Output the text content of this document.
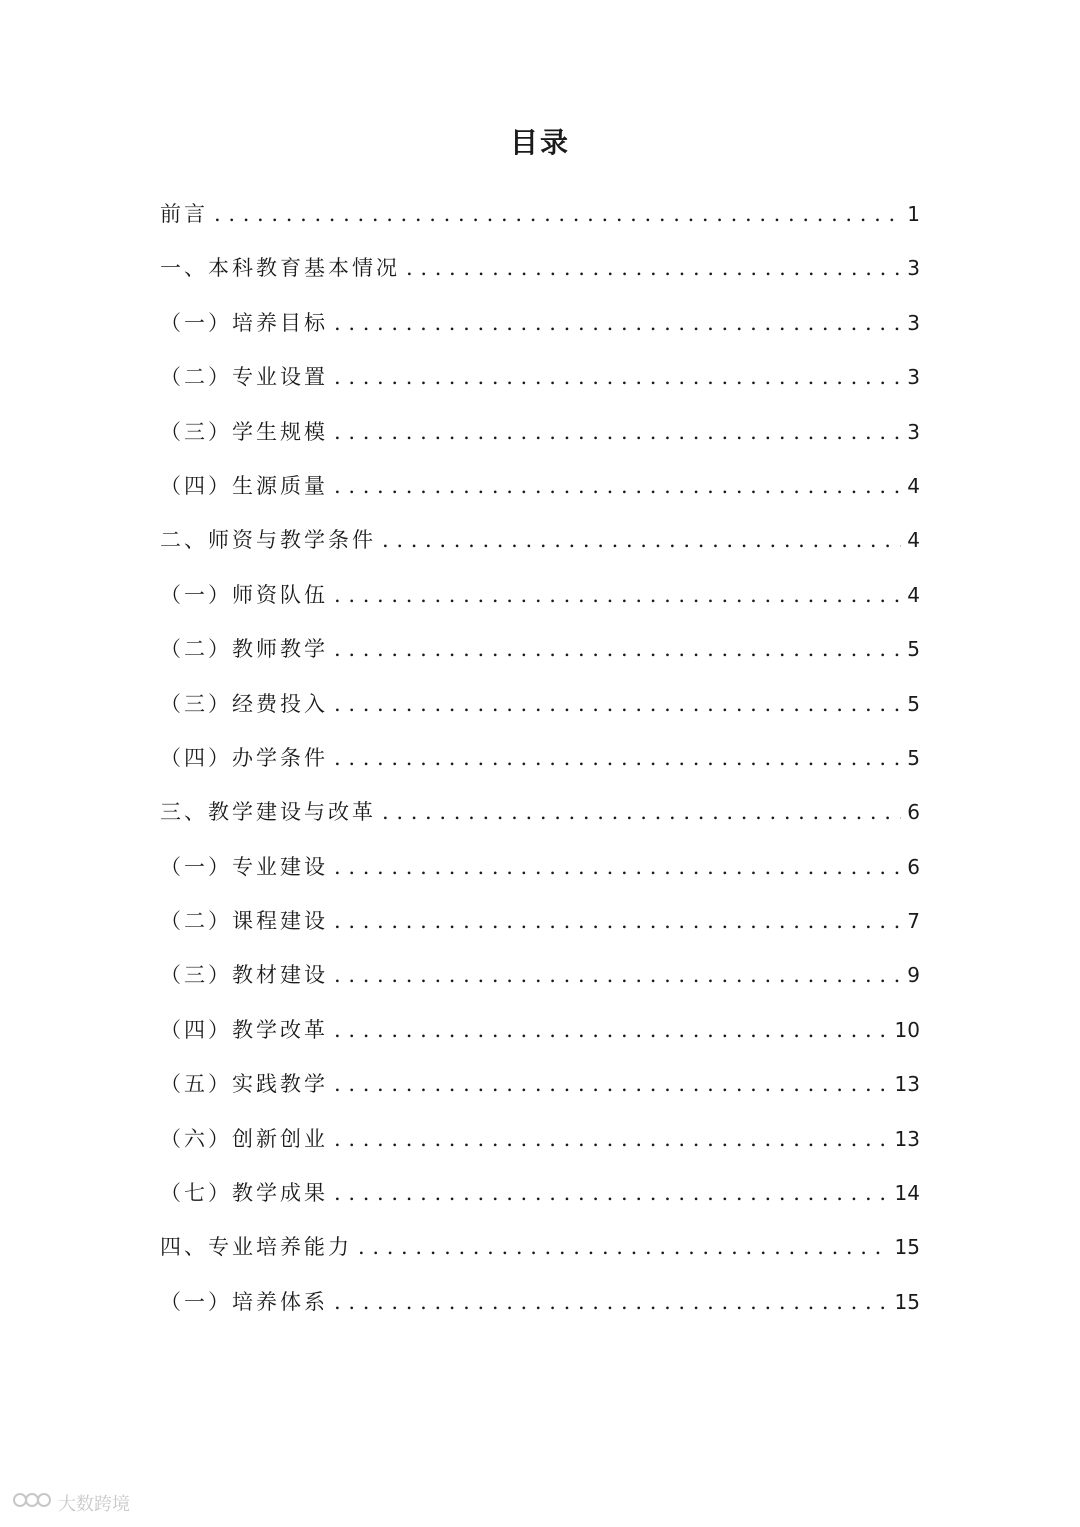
目录
前言 . . .	1
一、本科教育基本情况 . . .	3
（一）培养目标 . . .	3
（二）专业设置 . . .	3
（三）学生规模 . . .	3
（四）生源质量 . . .	4
二、师资与教学条件 . . .	4
（一）师资队伍 . . .	4
（二）教师教学 . . .	5
（三）经费投入 . . .	5
（四）办学条件 . . .	5
三、教学建设与改革 . . .	6
（一）专业建设 . . .	6
（二）课程建设 . . .	7
（三）教材建设 . . .	9
（四）教学改革 . . .	10
（五）实践教学 . . .	13
（六）创新创业 . . .	13
（七）教学成果 . . .	14
四、专业培养能力 . . .	15
（一）培养体系 . . .	15
大数跨境
